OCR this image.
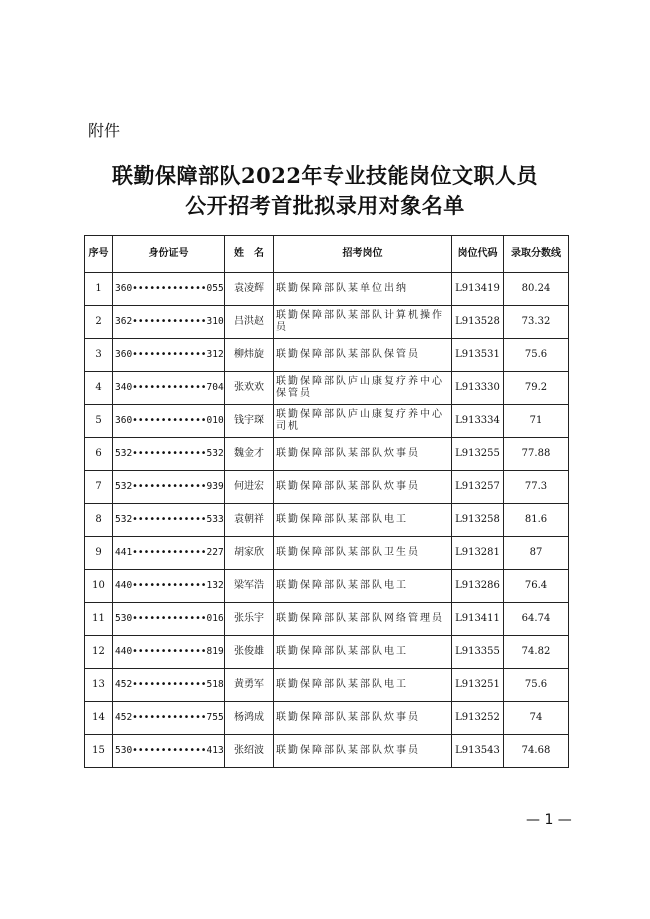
附件
联勤保障部队2022年专业技能岗位文职人员
公开招考首批拟录用对象名单
序号	身份证号	姓　名	招考岗位	岗位代码	录取分数线
1	360•••••••••••••055	袁凌辉	联勤保障部队某单位出纳	L913419	80.24
2	362•••••••••••••310	吕洪赵	联勤保障部队某部队计算机操作员	L913528	73.32
3	360•••••••••••••312	柳炜旋	联勤保障部队某部队保管员	L913531	75.6
4	340•••••••••••••704	张欢欢	联勤保障部队庐山康复疗养中心保管员	L913330	79.2
5	360•••••••••••••010	钱宇琛	联勤保障部队庐山康复疗养中心司机	L913334	71
6	532•••••••••••••532	魏金才	联勤保障部队某部队炊事员	L913255	77.88
7	532•••••••••••••939	何进宏	联勤保障部队某部队炊事员	L913257	77.3
8	532•••••••••••••533	袁朝祥	联勤保障部队某部队电工	L913258	81.6
9	441•••••••••••••227	胡家欣	联勤保障部队某部队卫生员	L913281	87
10	440•••••••••••••132	梁军浩	联勤保障部队某部队电工	L913286	76.4
11	530•••••••••••••016	张乐宇	联勤保障部队某部队网络管理员	L913411	64.74
12	440•••••••••••••819	张俊雄	联勤保障部队某部队电工	L913355	74.82
13	452•••••••••••••518	黄勇军	联勤保障部队某部队电工	L913251	75.6
14	452•••••••••••••755	杨鸿成	联勤保障部队某部队炊事员	L913252	74
15	530•••••••••••••413	张绍波	联勤保障部队某部队炊事员	L913543	74.68
— 1 —
